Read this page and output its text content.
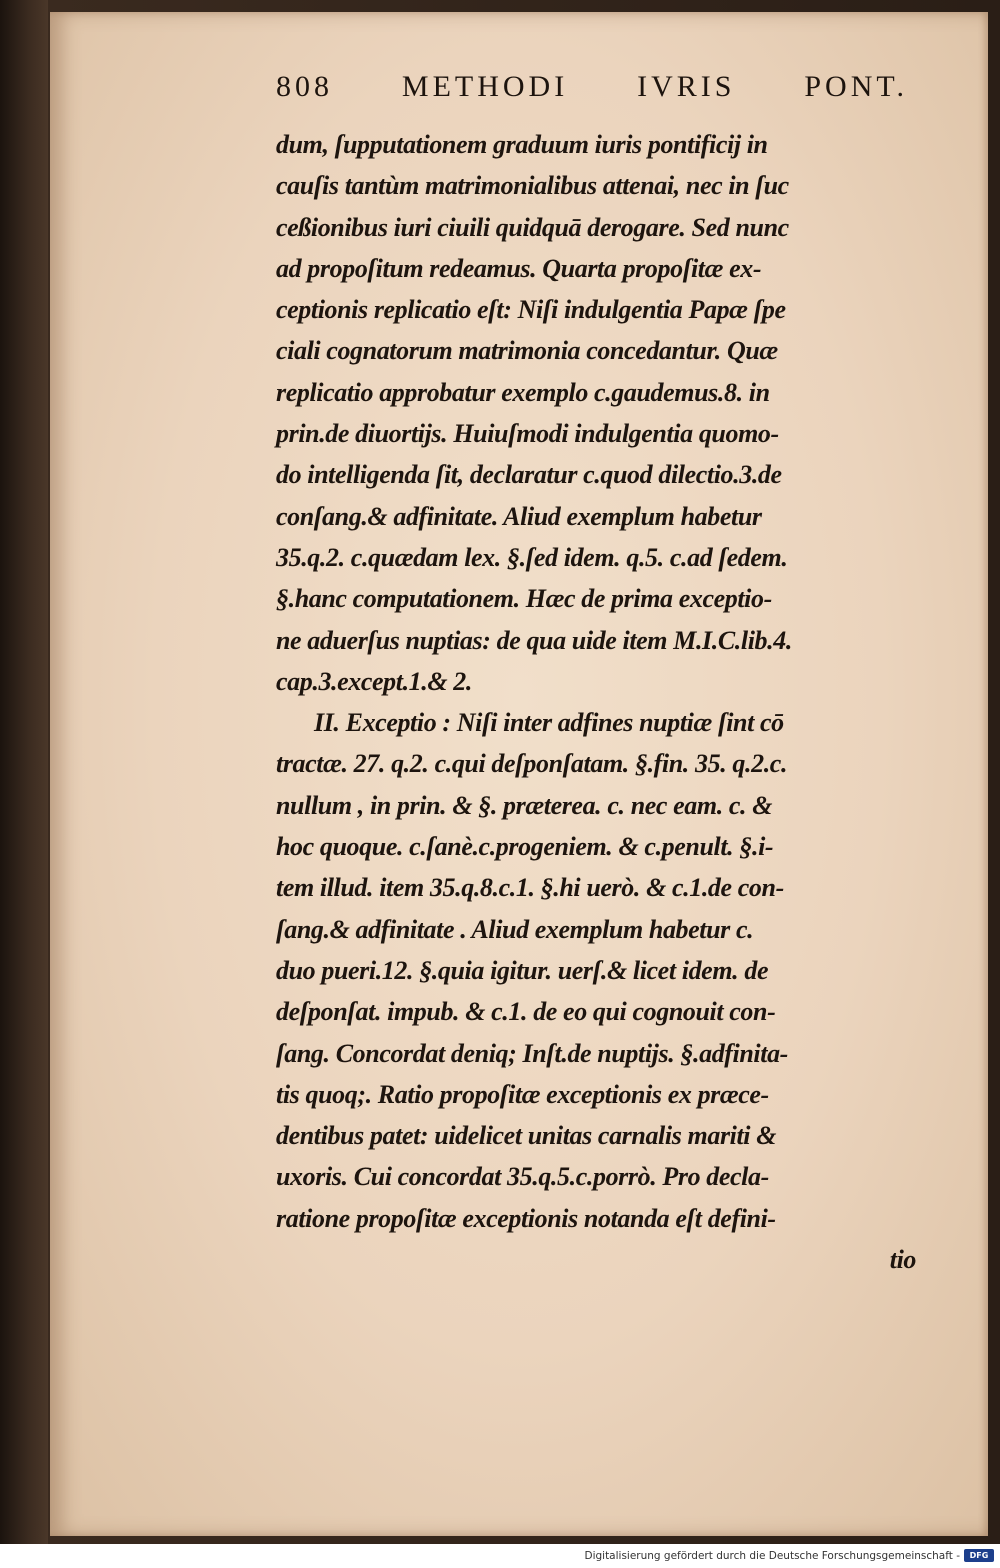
808 METHODI IVRIS PONT.
dum, ſupputationem graduum iuris pontificij in
cauſis tantùm matrimonialibus attenai, nec in ſuc
ceßionibus iuri ciuili quidquā derogare. Sed nunc
ad propoſitum redeamus. Quarta propoſitæ ex-
ceptionis replicatio eſt: Niſi indulgentia Papæ ſpe
ciali cognatorum matrimonia concedantur. Quæ
replicatio approbatur exemplo c.gaudemus.8. in
prin.de diuortijs. Huiuſmodi indulgentia quomo-
do intelligenda ſit, declaratur c.quod dilectio.3.de
conſang.& adfinitate. Aliud exemplum habetur
35.q.2. c.quædam lex. §.ſed idem. q.5. c.ad ſedem.
§.hanc computationem. Hæc de prima exceptio-
ne aduerſus nuptias: de qua uide item M.I.C.lib.4.
cap.3.except.1.& 2.
II. Exceptio : Niſi inter adfines nuptiæ ſint cō
tractæ. 27. q.2. c.qui deſponſatam. §.fin. 35. q.2.c.
nullum , in prin. & §. præterea. c. nec eam. c. &
hoc quoque. c.ſanè.c.progeniem. & c.penult. §.i-
tem illud. item 35.q.8.c.1. §.hi uerò. & c.1.de con-
ſang.& adfinitate . Aliud exemplum habetur c.
duo pueri.12. §.quia igitur. uerſ.& licet idem. de
deſponſat. impub. & c.1. de eo qui cognouit con-
ſang. Concordat deniq; Inſt.de nuptijs. §.adfinita-
tis quoq;. Ratio propoſitæ exceptionis ex præce-
dentibus patet: uidelicet unitas carnalis mariti &
uxoris. Cui concordat 35.q.5.c.porrò. Pro decla-
ratione propoſitæ exceptionis notanda eſt defini-
tio
Digitalisierung gefördert durch die Deutsche Forschungsgemeinschaft -	DFG
